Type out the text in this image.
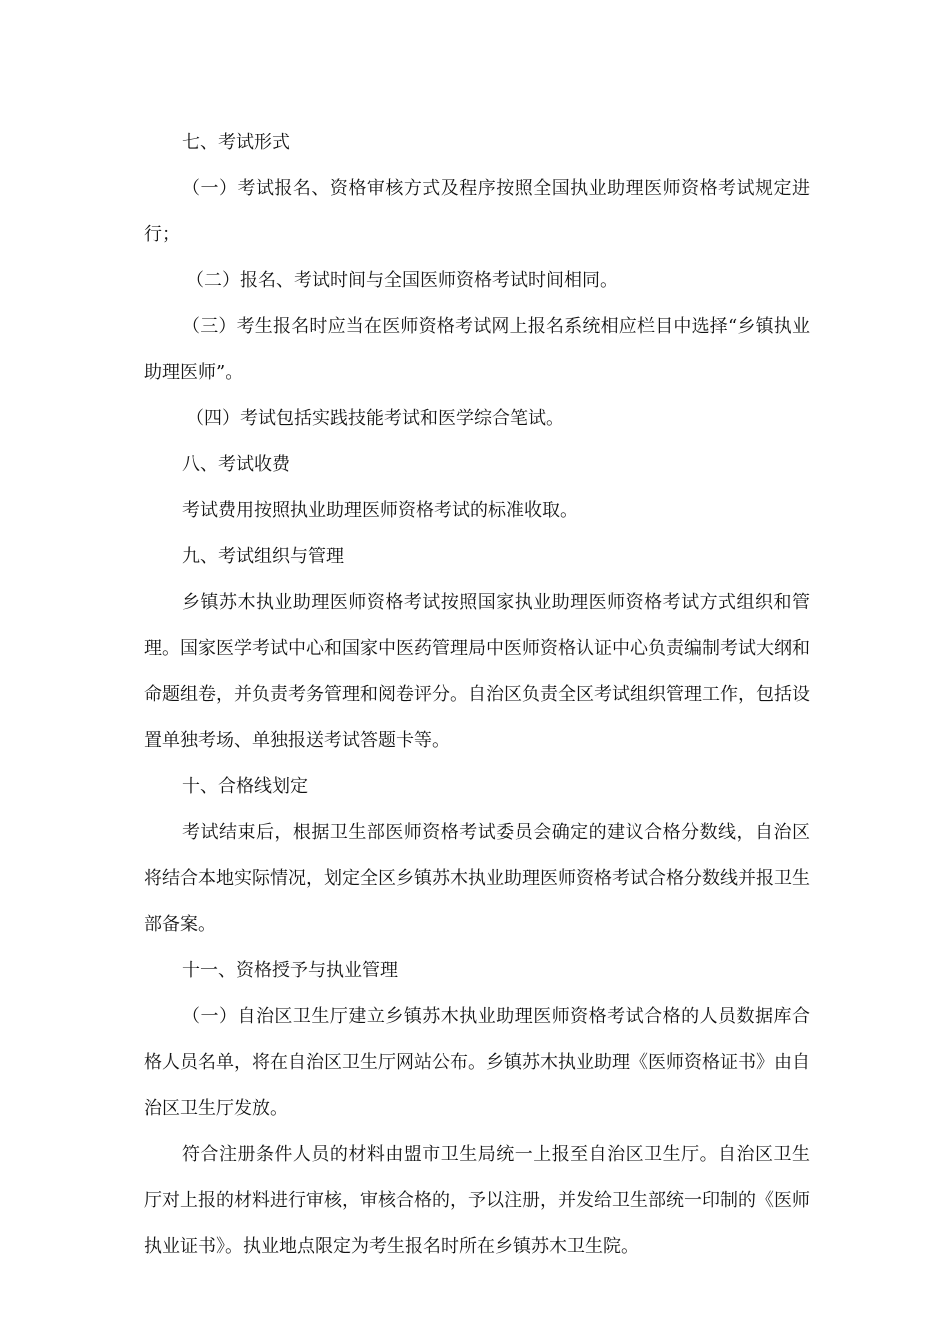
七、考试形式

（一）考试报名、资格审核方式及程序按照全国执业助理医师资格考试规定进行；

（二）报名、考试时间与全国医师资格考试时间相同。

（三）考生报名时应当在医师资格考试网上报名系统相应栏目中选择“乡镇执业助理医师”。

（四）考试包括实践技能考试和医学综合笔试。

八、考试收费

考试费用按照执业助理医师资格考试的标准收取。

九、考试组织与管理

乡镇苏木执业助理医师资格考试按照国家执业助理医师资格考试方式组织和管理。国家医学考试中心和国家中医药管理局中医师资格认证中心负责编制考试大纲和命题组卷，并负责考务管理和阅卷评分。自治区负责全区考试组织管理工作，包括设置单独考场、单独报送考试答题卡等。

十、合格线划定

考试结束后，根据卫生部医师资格考试委员会确定的建议合格分数线，自治区将结合本地实际情况，划定全区乡镇苏木执业助理医师资格考试合格分数线并报卫生部备案。

十一、资格授予与执业管理

（一）自治区卫生厅建立乡镇苏木执业助理医师资格考试合格的人员数据库合格人员名单，将在自治区卫生厅网站公布。乡镇苏木执业助理《医师资格证书》由自治区卫生厅发放。

符合注册条件人员的材料由盟市卫生局统一上报至自治区卫生厅。自治区卫生厅对上报的材料进行审核，审核合格的，予以注册，并发给卫生部统一印制的《医师执业证书》。执业地点限定为考生报名时所在乡镇苏木卫生院。
